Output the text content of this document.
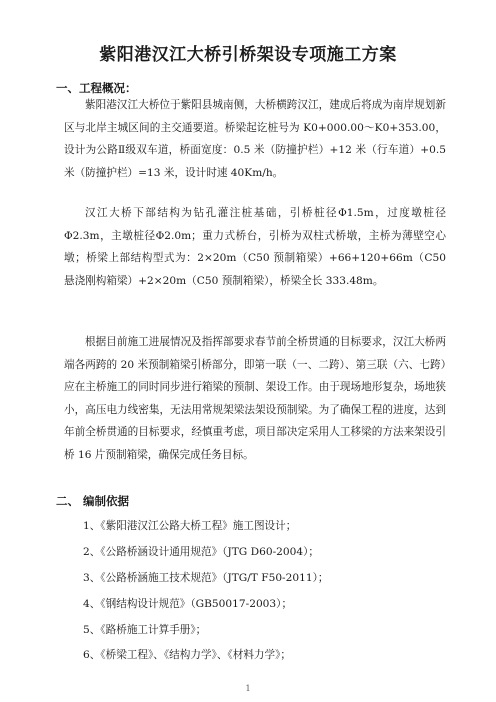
紫阳港汉江大桥引桥架设专项施工方案

一、工程概况：

紫阳港汉江大桥位于紫阳县城南侧，大桥横跨汉江，建成后将成为南岸规划新区与北岸主城区间的主交通要道。桥梁起讫桩号为 K0+000.00～K0+353.00，设计为公路Ⅱ级双车道，桥面宽度：0.5 米（防撞护栏）+12 米（行车道）+0.5 米（防撞护栏）=13 米，设计时速 40Km/h。

汉江大桥下部结构为钻孔灌注桩基础，引桥桩径Φ1.5m，过度墩桩径Φ2.3m，主墩桩径Φ2.0m；重力式桥台，引桥为双柱式桥墩，主桥为薄壁空心墩；桥梁上部结构型式为：2×20m（C50 预制箱梁）+66+120+66m（C50 悬浇刚构箱梁）+2×20m（C50 预制箱梁），桥梁全长 333.48m。

根据目前施工进展情况及指挥部要求春节前全桥贯通的目标要求，汉江大桥两端各两跨的 20 米预制箱梁引桥部分，即第一联（一、二跨）、第三联（六、七跨）应在主桥施工的同时同步进行箱梁的预制、架设工作。由于现场地形复杂，场地狭小，高压电力线密集，无法用常规架梁法架设预制梁。为了确保工程的进度，达到年前全桥贯通的目标要求，经慎重考虑，项目部决定采用人工移梁的方法来架设引桥 16 片预制箱梁，确保完成任务目标。

二、 编制依据

1、《紫阳港汉江公路大桥工程》施工图设计；

2、《公路桥涵设计通用规范》（JTG D60-2004）；

3、《公路桥涵施工技术规范》（JTG/T F50-2011）；

4、《钢结构设计规范》（GB50017-2003）；

5、《路桥施工计算手册》；

6、《桥梁工程》、《结构力学》、《材料力学》；

1
